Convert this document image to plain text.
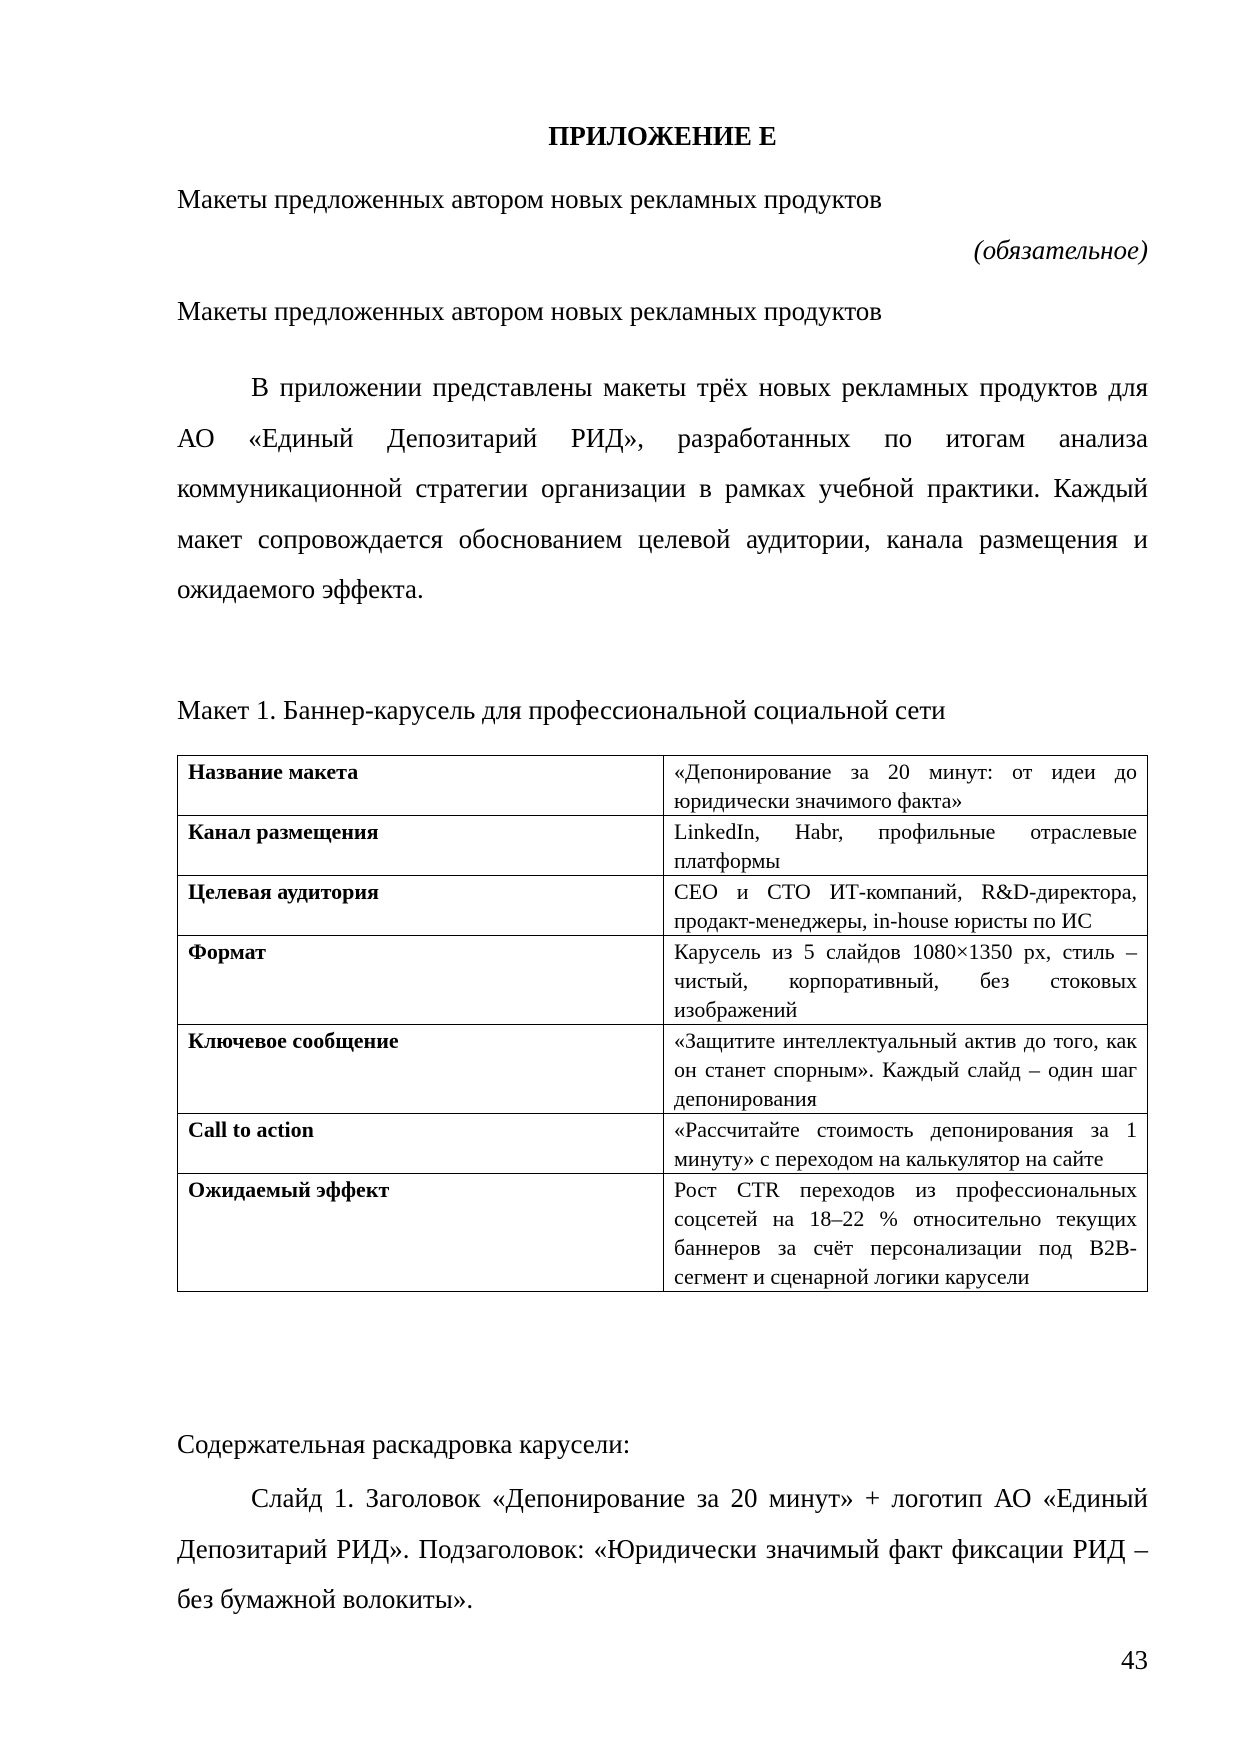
ПРИЛОЖЕНИЕ Е

Макеты предложенных автором новых рекламных продуктов

(обязательное)

Макеты предложенных автором новых рекламных продуктов

В приложении представлены макеты трёх новых рекламных продуктов для АО «Единый Депозитарий РИД», разработанных по итогам анализа коммуникационной стратегии организации в рамках учебной практики. Каждый макет сопровождается обоснованием целевой аудитории, канала размещения и ожидаемого эффекта.

Макет 1. Баннер-карусель для профессиональной социальной сети

Название макета	«Депонирование за 20 минут: от идеи до юридически значимого факта»
Канал размещения	LinkedIn, Habr, профильные отраслевые платформы
Целевая аудитория	CEO и CTO ИТ-компаний, R&D-директора, продакт-менеджеры, in-house юристы по ИС
Формат	Карусель из 5 слайдов 1080×1350 px, стиль – чистый, корпоративный, без стоковых изображений
Ключевое сообщение	«Защитите интеллектуальный актив до того, как он станет спорным». Каждый слайд – один шаг депонирования
Call to action	«Рассчитайте стоимость депонирования за 1 минуту» с переходом на калькулятор на сайте
Ожидаемый эффект	Рост CTR переходов из профессиональных соцсетей на 18–22 % относительно текущих баннеров за счёт персонализации под B2B-сегмент и сценарной логики карусели

Содержательная раскадровка карусели:

Слайд 1. Заголовок «Депонирование за 20 минут» + логотип АО «Единый Депозитарий РИД». Подзаголовок: «Юридически значимый факт фиксации РИД – без бумажной волокиты».

43
